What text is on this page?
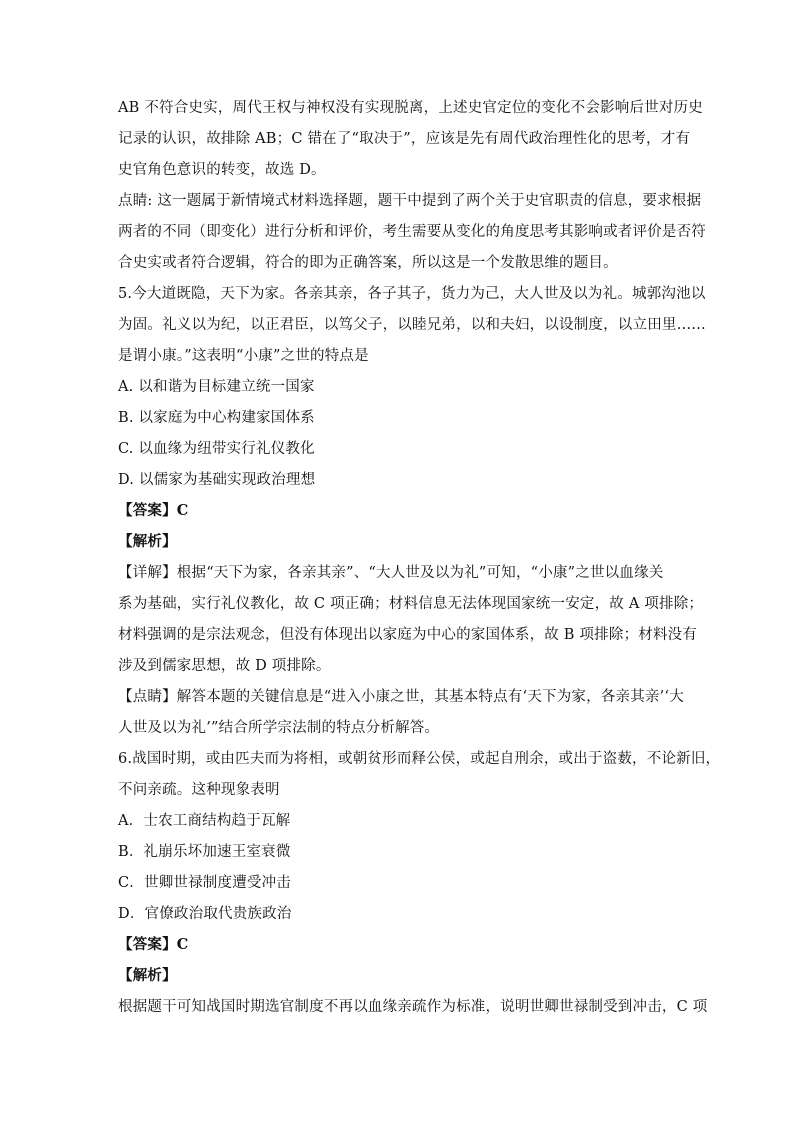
AB 不符合史实，周代王权与神权没有实现脱离，上述史官定位的变化不会影响后世对历史
记录的认识，故排除 AB；C 错在了“取决于”，应该是先有周代政治理性化的思考，才有
史官角色意识的转变，故选 D。
点睛: 这一题属于新情境式材料选择题，题干中提到了两个关于史官职责的信息，要求根据
两者的不同（即变化）进行分析和评价，考生需要从变化的角度思考其影响或者评价是否符
合史实或者符合逻辑，符合的即为正确答案，所以这是一个发散思维的题目。
5.今大道既隐，天下为家。各亲其亲，各子其子，货力为己，大人世及以为礼。城郭沟池以
为固。礼义以为纪，以正君臣，以笃父子，以睦兄弟，以和夫妇，以设制度，以立田里……
是谓小康。”这表明“小康”之世的特点是
A. 以和谐为目标建立统一国家
B. 以家庭为中心构建家国体系
C. 以血缘为纽带实行礼仪教化
D. 以儒家为基础实现政治理想
【答案】C
【解析】
【详解】根据“天下为家，各亲其亲”、“大人世及以为礼”可知，“小康”之世以血缘关
系为基础，实行礼仪教化，故 C 项正确；材料信息无法体现国家统一安定，故 A 项排除；
材料强调的是宗法观念，但没有体现出以家庭为中心的家国体系，故 B 项排除；材料没有
涉及到儒家思想，故 D 项排除。
【点睛】解答本题的关键信息是“进入小康之世，其基本特点有‘天下为家，各亲其亲’‘大
人世及以为礼’”结合所学宗法制的特点分析解答。
6.战国时期，或由匹夫而为将相，或朝贫形而释公侯，或起自刑余，或出于盗薮，不论新旧，
不问亲疏。这种现象表明
A．士农工商结构趋于瓦解
B．礼崩乐坏加速王室衰微
C．世卿世禄制度遭受冲击
D．官僚政治取代贵族政治
【答案】C
【解析】
根据题干可知战国时期选官制度不再以血缘亲疏作为标准，说明世卿世禄制受到冲击，C 项
